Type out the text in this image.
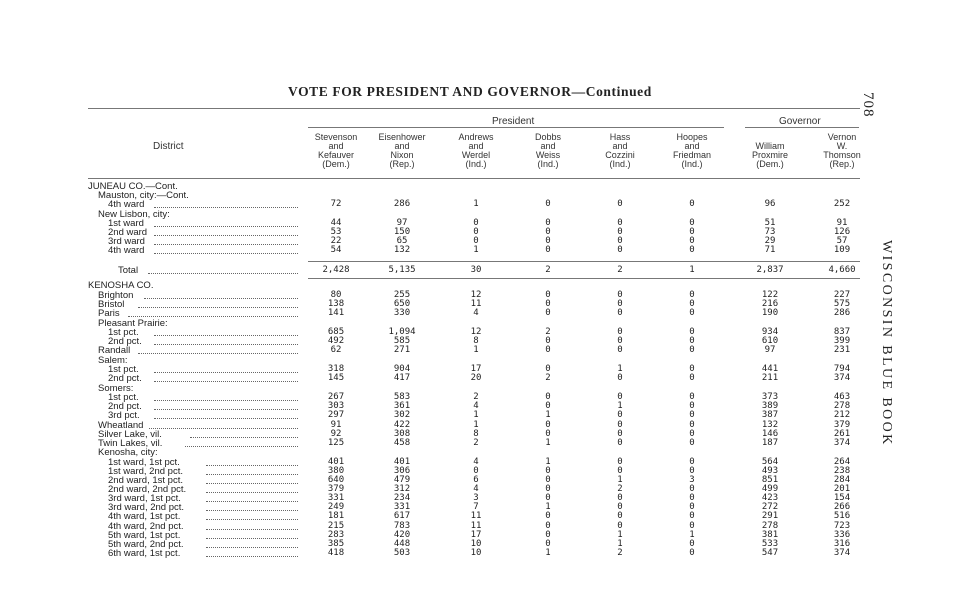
VOTE FOR PRESIDENT AND GOVERNOR—Continued
708
WISCONSIN BLUE BOOK
District
President	Governor
Stevenson
and
Kefauver
(Dem.)
Eisenhower
and
Nixon
(Rep.)
Andrews
and
Werdel
(Ind.)
Dobbs
and
Weiss
(Ind.)
Hass
and
Cozzini
(Ind.)
Hoopes
and
Friedman
(Ind.)
William
Proxmire
(Dem.)
Vernon
W.
Thomson
(Rep.)
JUNEAU CO.—Cont.
Mauston, city:—Cont.
4th ward	72	286	1	0	0	0	96	252
New Lisbon, city:
1st ward	44	97	0	0	0	0	51	91
2nd ward	53	150	0	0	0	0	73	126
3rd ward	22	65	0	0	0	0	29	57
4th ward	54	132	1	0	0	0	71	109
Total	2,428	5,135	30	2	2	1	2,837	4,660
KENOSHA CO.
Brighton	80	255	12	0	0	0	122	227
Bristol	138	650	11	0	0	0	216	575
Paris	141	330	4	0	0	0	190	286
Pleasant Prairie:
1st pct.	685	1,094	12	2	0	0	934	837
2nd pct.	492	585	8	0	0	0	610	399
Randall	62	271	1	0	0	0	97	231
Salem:
1st pct.	318	904	17	0	1	0	441	794
2nd pct.	145	417	20	2	0	0	211	374
Somers:
1st pct.	267	583	2	0	0	0	373	463
2nd pct.	303	361	4	0	1	0	389	278
3rd pct.	297	302	1	1	0	0	387	212
Wheatland	91	422	1	0	0	0	132	379
Silver Lake, vil.	92	308	8	0	0	0	146	261
Twin Lakes, vil.	125	458	2	1	0	0	187	374
Kenosha, city:
1st ward, 1st pct.	401	401	4	1	0	0	564	264
1st ward, 2nd pct.	380	306	0	0	0	0	493	238
2nd ward, 1st pct.	640	479	6	0	1	3	851	284
2nd ward, 2nd pct.	379	312	4	0	2	0	499	201
3rd ward, 1st pct.	331	234	3	0	0	0	423	154
3rd ward, 2nd pct.	249	331	7	1	0	0	272	266
4th ward, 1st pct.	181	617	11	0	0	0	291	516
4th ward, 2nd pct.	215	783	11	0	0	0	278	723
5th ward, 1st pct.	283	420	17	0	1	1	381	336
5th ward, 2nd pct.	385	448	10	0	1	0	533	316
6th ward, 1st pct.	418	503	10	1	2	0	547	374
